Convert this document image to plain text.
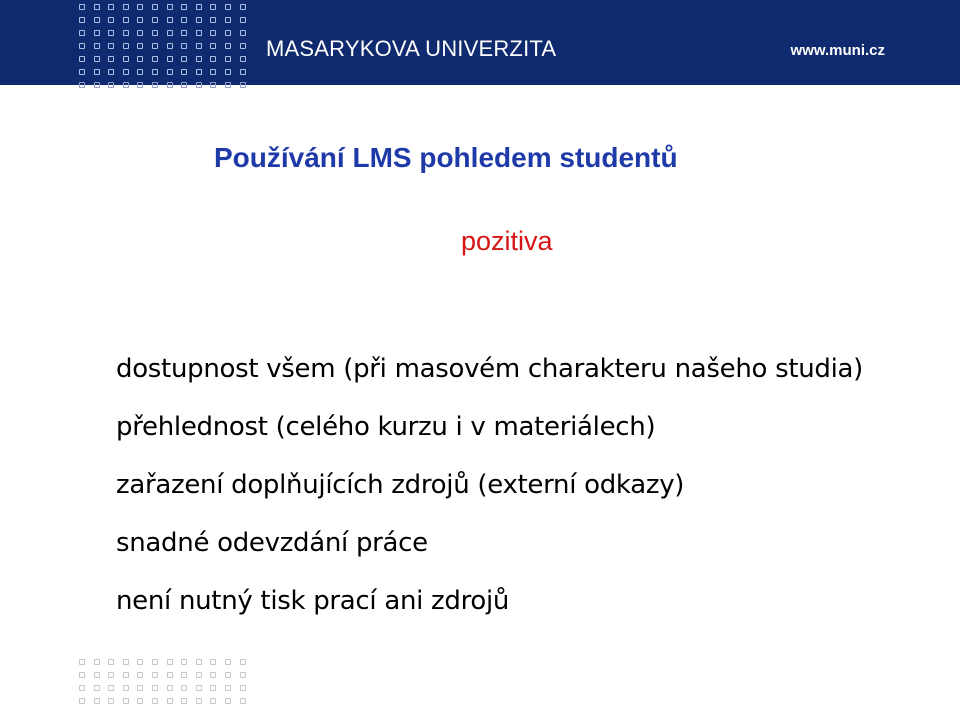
MASARYKOVA UNIVERZITA	www.muni.cz
Používání LMS pohledem studentů
pozitiva
dostupnost všem (při masovém charakteru našeho studia)
přehlednost (celého kurzu i v materiálech)
zařazení doplňujících zdrojů (externí odkazy)
snadné odevzdání práce
není nutný tisk prací ani zdrojů
